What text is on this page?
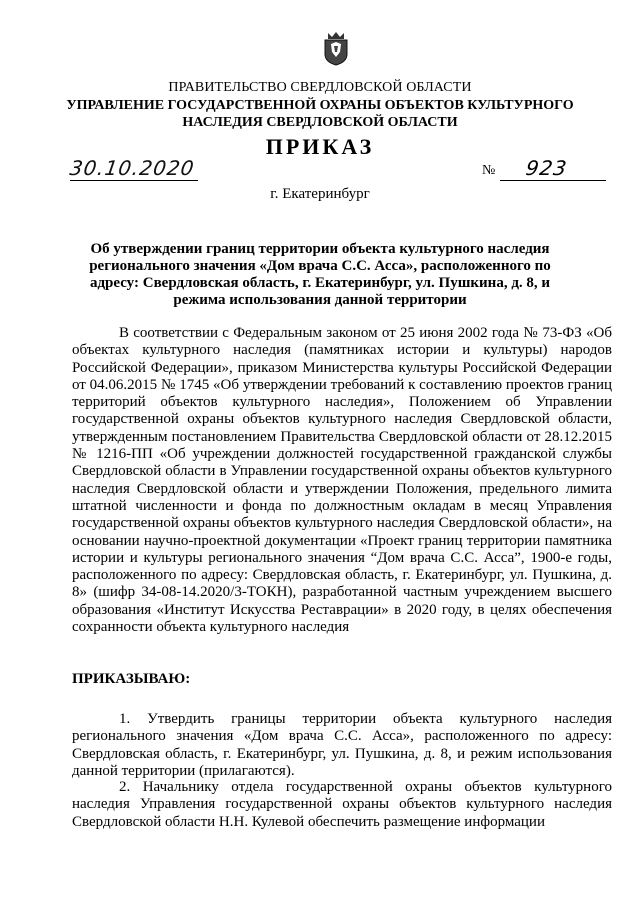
ПРАВИТЕЛЬСТВО СВЕРДЛОВСКОЙ ОБЛАСТИ
УПРАВЛЕНИЕ ГОСУДАРСТВЕННОЙ ОХРАНЫ ОБЪЕКТОВ КУЛЬТУРНОГО НАСЛЕДИЯ СВЕРДЛОВСКОЙ ОБЛАСТИ
ПРИКАЗ
30.10.2020	№ 923
г. Екатеринбург
Об утверждении границ территории объекта культурного наследия регионального значения «Дом врача С.С. Асса», расположенного по адресу: Свердловская область, г. Екатеринбург, ул. Пушкина, д. 8, и режима использования данной территории
В соответствии с Федеральным законом от 25 июня 2002 года № 73-ФЗ «Об объектах культурного наследия (памятниках истории и культуры) народов Российской Федерации», приказом Министерства культуры Российской Федерации от 04.06.2015 № 1745 «Об утверждении требований к составлению проектов границ территорий объектов культурного наследия», Положением об Управлении государственной охраны объектов культурного наследия Свердловской области, утвержденным постановлением Правительства Свердловской области от 28.12.2015 № 1216-ПП «Об учреждении должностей государственной гражданской службы Свердловской области в Управлении государственной охраны объектов культурного наследия Свердловской области и утверждении Положения, предельного лимита штатной численности и фонда по должностным окладам в месяц Управления государственной охраны объектов культурного наследия Свердловской области», на основании научно-проектной документации «Проект границ территории памятника истории и культуры регионального значения “Дом врача С.С. Асса”, 1900-е годы, расположенного по адресу: Свердловская область, г. Екатеринбург, ул. Пушкина, д. 8» (шифр 34-08-14.2020/3-ТОКН), разработанной частным учреждением высшего образования «Институт Искусства Реставрации» в 2020 году, в целях обеспечения сохранности объекта культурного наследия
ПРИКАЗЫВАЮ:
1. Утвердить границы территории объекта культурного наследия регионального значения «Дом врача С.С. Асса», расположенного по адресу: Свердловская область, г. Екатеринбург, ул. Пушкина, д. 8, и режим использования данной территории (прилагаются).
2. Начальнику отдела государственной охраны объектов культурного наследия Управления государственной охраны объектов культурного наследия Свердловской области Н.Н. Кулевой обеспечить размещение информации
